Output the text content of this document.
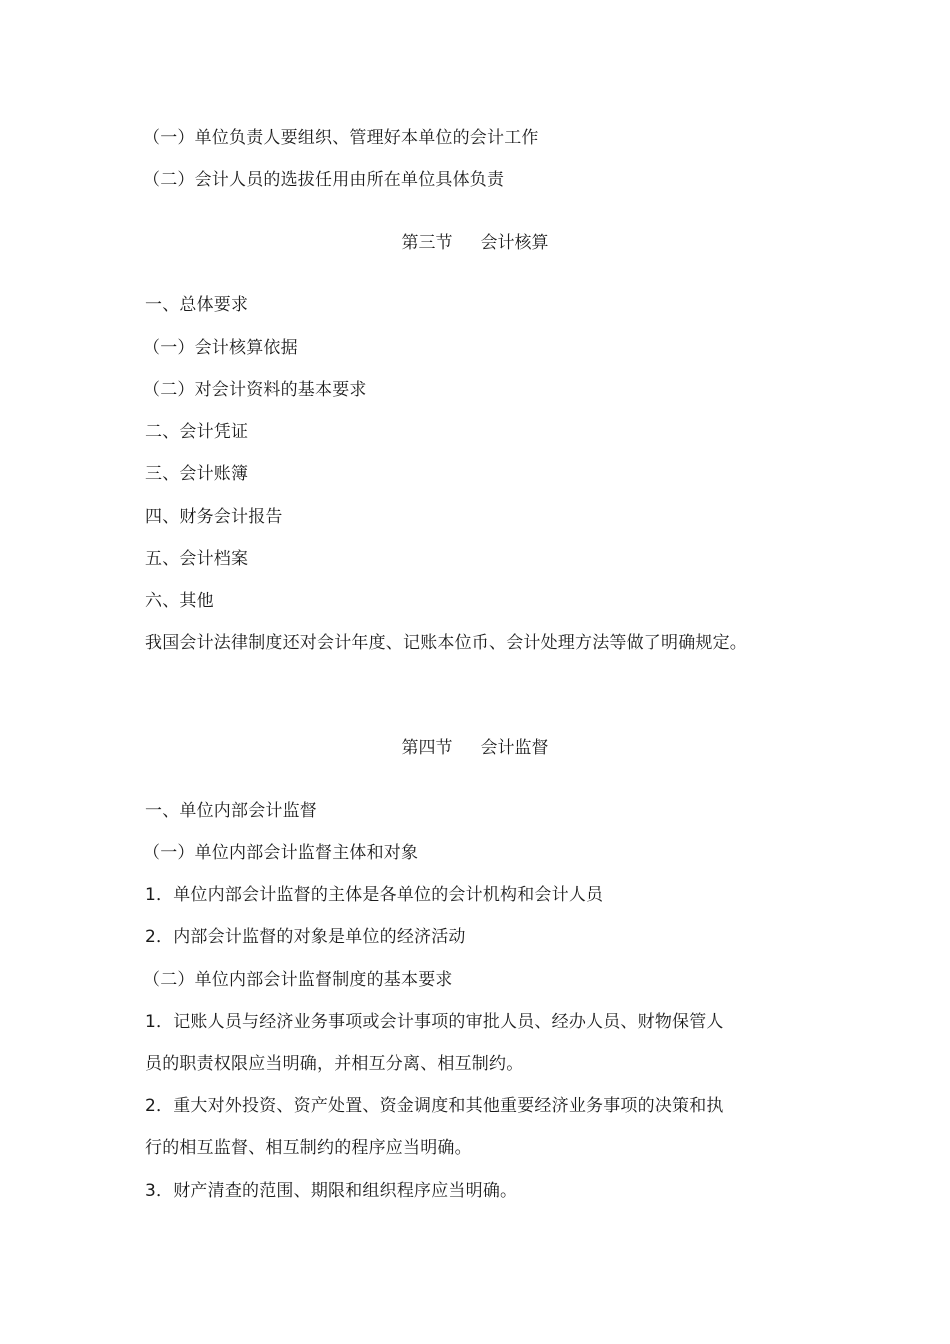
（一）单位负责人要组织、管理好本单位的会计工作
（二）会计人员的选拔任用由所在单位具体负责
第三节 会计核算
一、总体要求
（一）会计核算依据
（二）对会计资料的基本要求
二、会计凭证
三、会计账簿
四、财务会计报告
五、会计档案
六、其他
我国会计法律制度还对会计年度、记账本位币、会计处理方法等做了明确规定。
第四节 会计监督
一、单位内部会计监督
（一）单位内部会计监督主体和对象
1．单位内部会计监督的主体是各单位的会计机构和会计人员
2．内部会计监督的对象是单位的经济活动
（二）单位内部会计监督制度的基本要求
1．记账人员与经济业务事项或会计事项的审批人员、经办人员、财物保管人
员的职责权限应当明确，并相互分离、相互制约。
2．重大对外投资、资产处置、资金调度和其他重要经济业务事项的决策和执
行的相互监督、相互制约的程序应当明确。
3．财产清查的范围、期限和组织程序应当明确。
